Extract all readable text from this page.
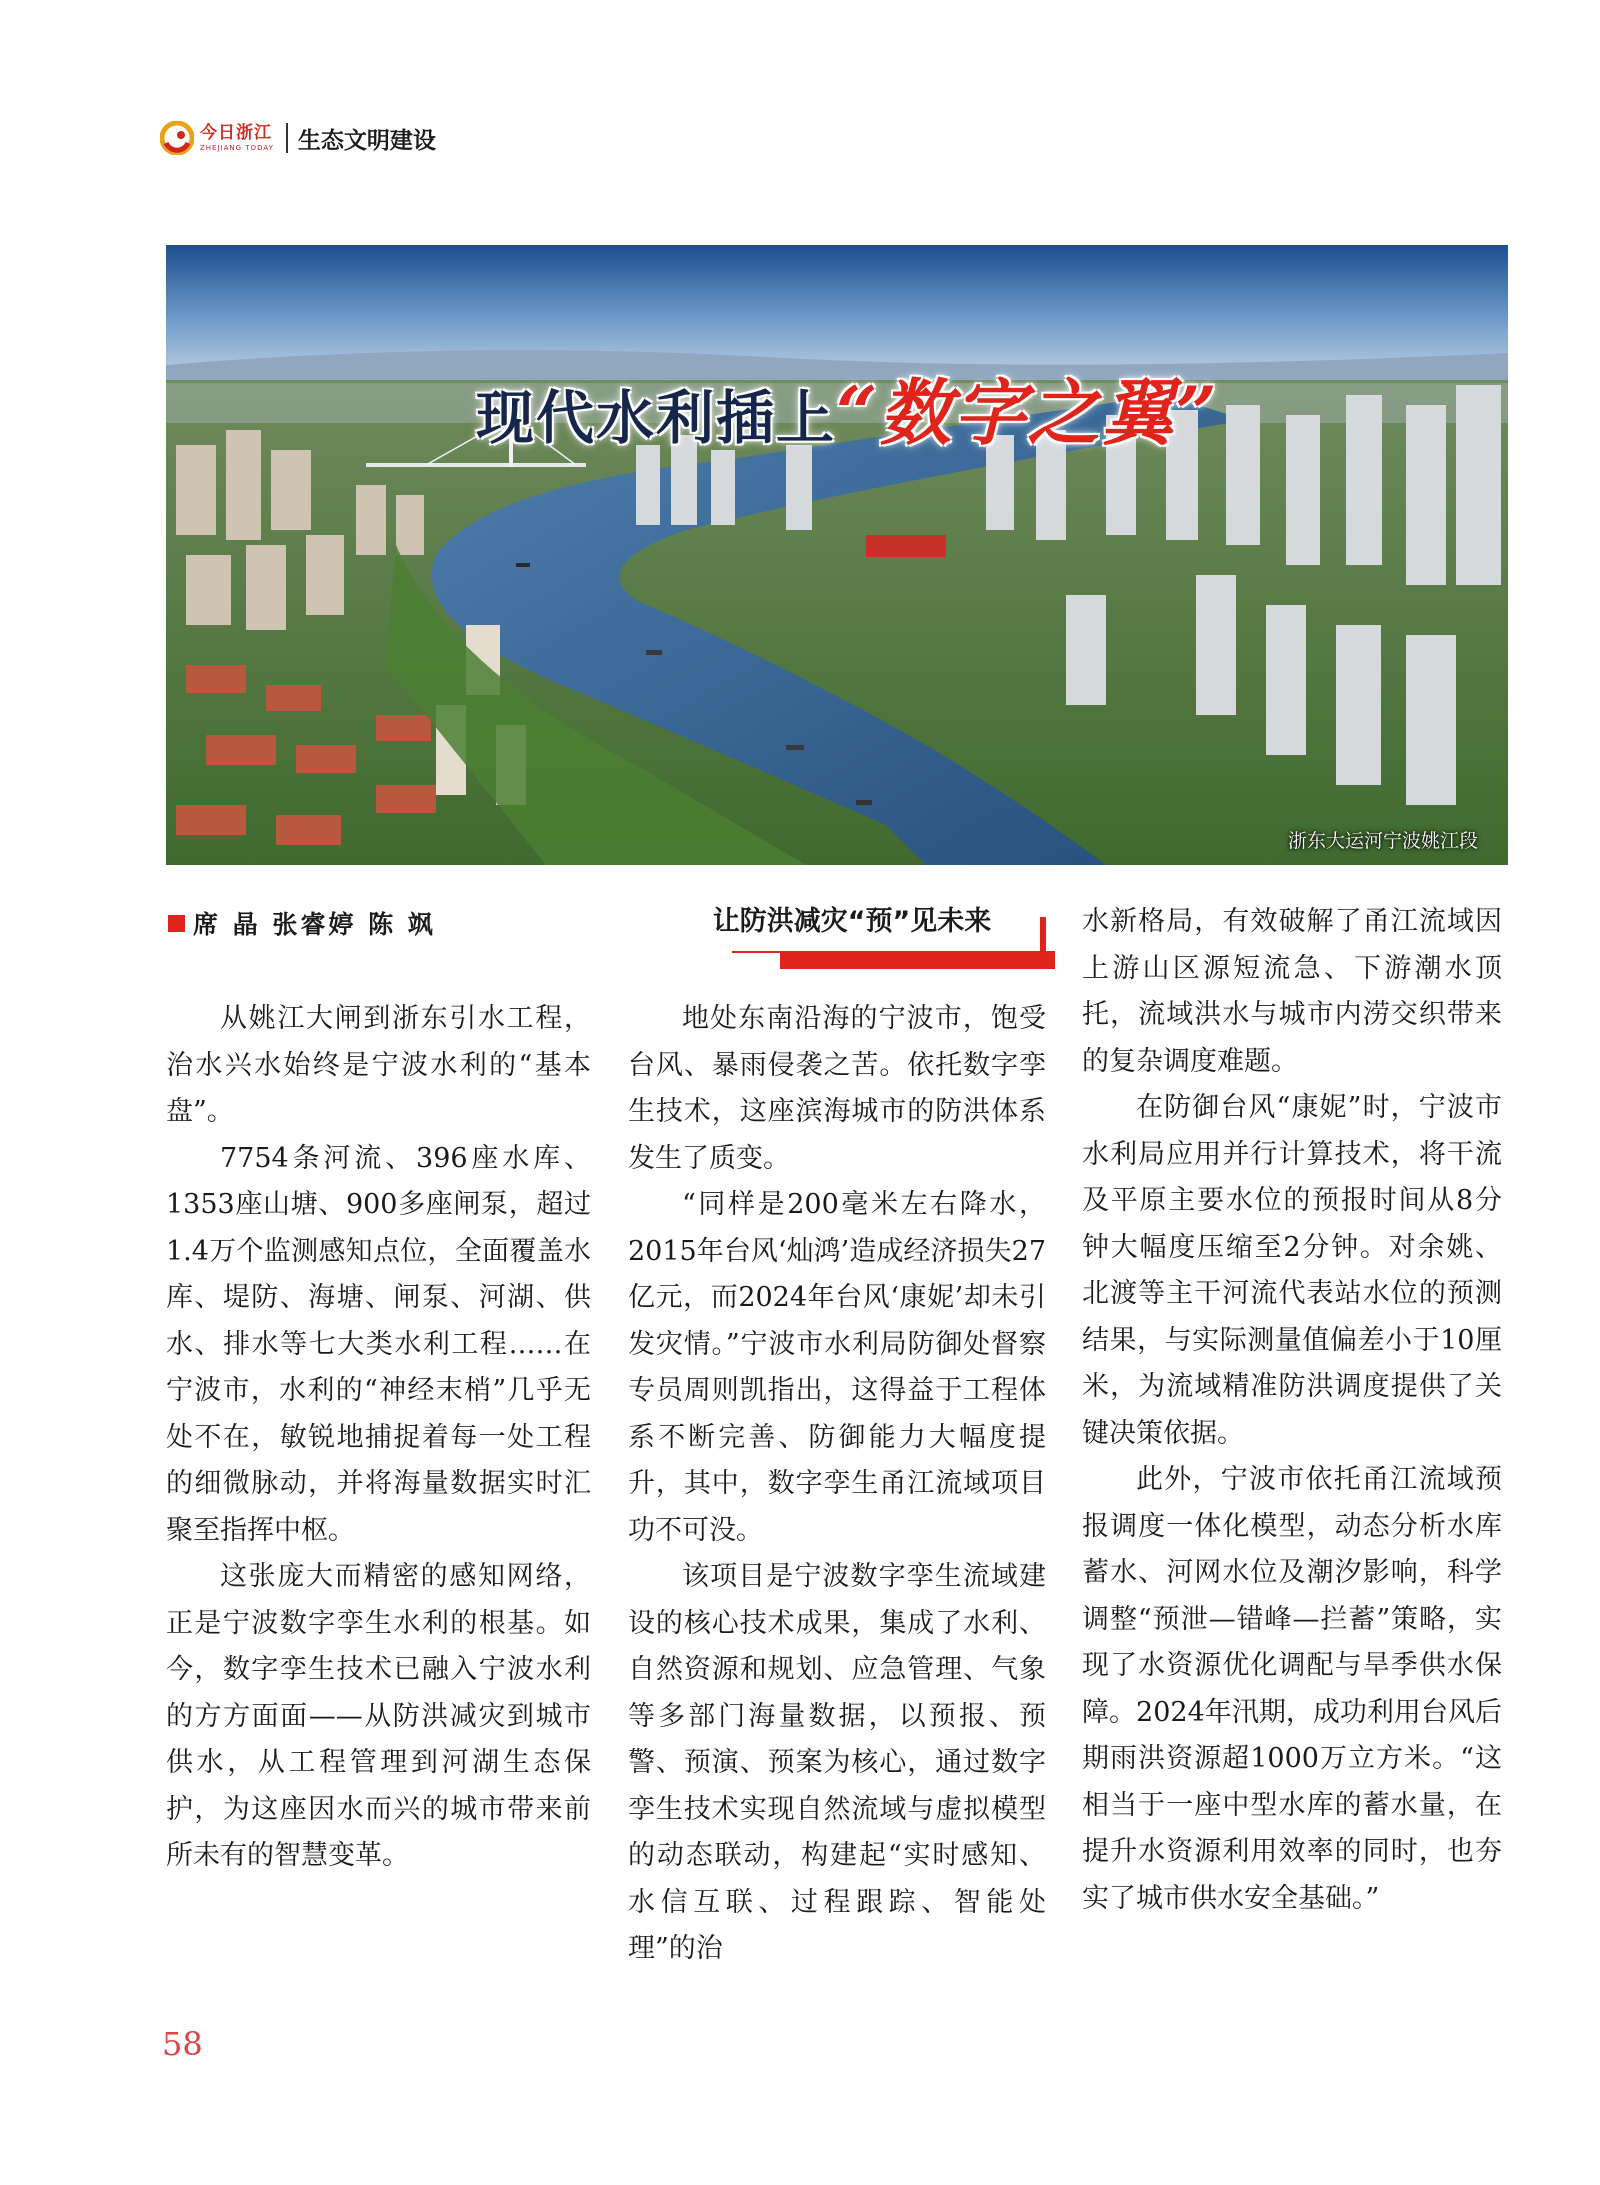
今日浙江
ZHEJIANG TODAY 生态文明建设
现代水利插上“数字之翼”
浙东大运河宁波姚江段
席 晶 张睿婷 陈 飒	让防洪减灾“预”见未来

从姚江大闸到浙东引水工程，治水兴水始终是宁波水利的“基本盘”。

7754条河流、396座水库、1353座山塘、900多座闸泵，超过1.4万个监测感知点位，全面覆盖水库、堤防、海塘、闸泵、河湖、供水、排水等七大类水利工程……在宁波市，水利的“神经末梢”几乎无处不在，敏锐地捕捉着每一处工程的细微脉动，并将海量数据实时汇聚至指挥中枢。

这张庞大而精密的感知网络，正是宁波数字孪生水利的根基。如今，数字孪生技术已融入宁波水利的方方面面——从防洪减灾到城市供水，从工程管理到河湖生态保护，为这座因水而兴的城市带来前所未有的智慧变革。

地处东南沿海的宁波市，饱受台风、暴雨侵袭之苦。依托数字孪生技术，这座滨海城市的防洪体系发生了质变。

“同样是200毫米左右降水，2015年台风‘灿鸿’造成经济损失27亿元，而2024年台风‘康妮’却未引发灾情。”宁波市水利局防御处督察专员周则凯指出，这得益于工程体系不断完善、防御能力大幅度提升，其中，数字孪生甬江流域项目功不可没。

该项目是宁波数字孪生流域建设的核心技术成果，集成了水利、自然资源和规划、应急管理、气象等多部门海量数据，以预报、预警、预演、预案为核心，通过数字孪生技术实现自然流域与虚拟模型的动态联动，构建起“实时感知、水信互联、过程跟踪、智能处理”的治

水新格局，有效破解了甬江流域因上游山区源短流急、下游潮水顶托，流域洪水与城市内涝交织带来的复杂调度难题。

在防御台风“康妮”时，宁波市水利局应用并行计算技术，将干流及平原主要水位的预报时间从8分钟大幅度压缩至2分钟。对余姚、北渡等主干河流代表站水位的预测结果，与实际测量值偏差小于10厘米，为流域精准防洪调度提供了关键决策依据。

此外，宁波市依托甬江流域预报调度一体化模型，动态分析水库蓄水、河网水位及潮汐影响，科学调整“预泄—错峰—拦蓄”策略，实现了水资源优化调配与旱季供水保障。2024年汛期，成功利用台风后期雨洪资源超1000万立方米。“这相当于一座中型水库的蓄水量，在提升水资源利用效率的同时，也夯实了城市供水安全基础。”

58
